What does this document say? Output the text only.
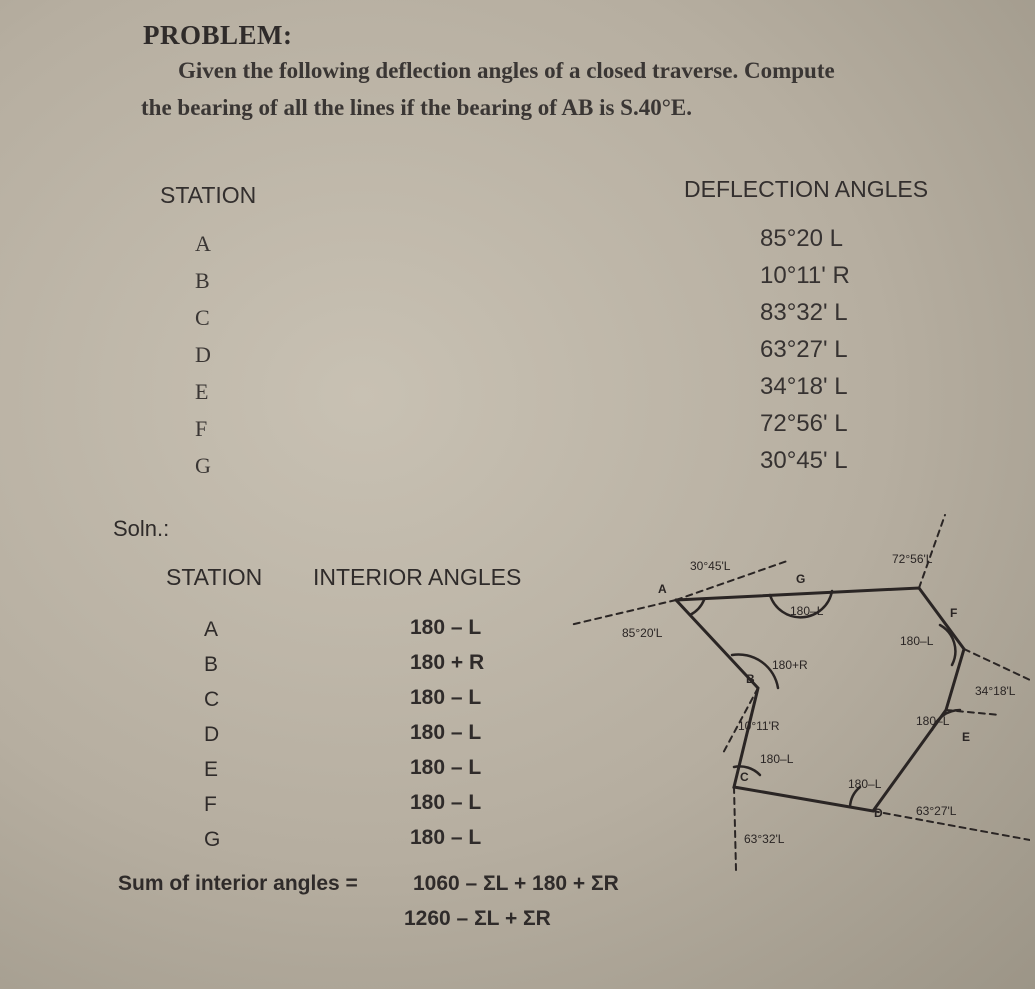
PROBLEM:
Given the following deflection angles of a closed traverse. Compute
the bearing of all the lines if the bearing of AB is S.40°E.
STATION	DEFLECTION ANGLES
A
B
C
D
E
F
G
85°20 L
10°11' R
83°32' L
63°27' L
34°18' L
72°56' L
30°45' L
Soln.:
STATION INTERIOR ANGLES
A
B
C
D
E
F
G
180 – L
180 + R
180 – L
180 – L
180 – L
180 – L
180 – L
Sum of interior angles =	1060 – ΣL + 180 + ΣR
1260 – ΣL + ΣR
A
B
C
D
E
F
G
30°45'L
85°20'L
10°11'R
63°32'L
63°27'L
34°18'L
72°56'L
180–L
180+R
180–L
180–L
180–L
180–L
